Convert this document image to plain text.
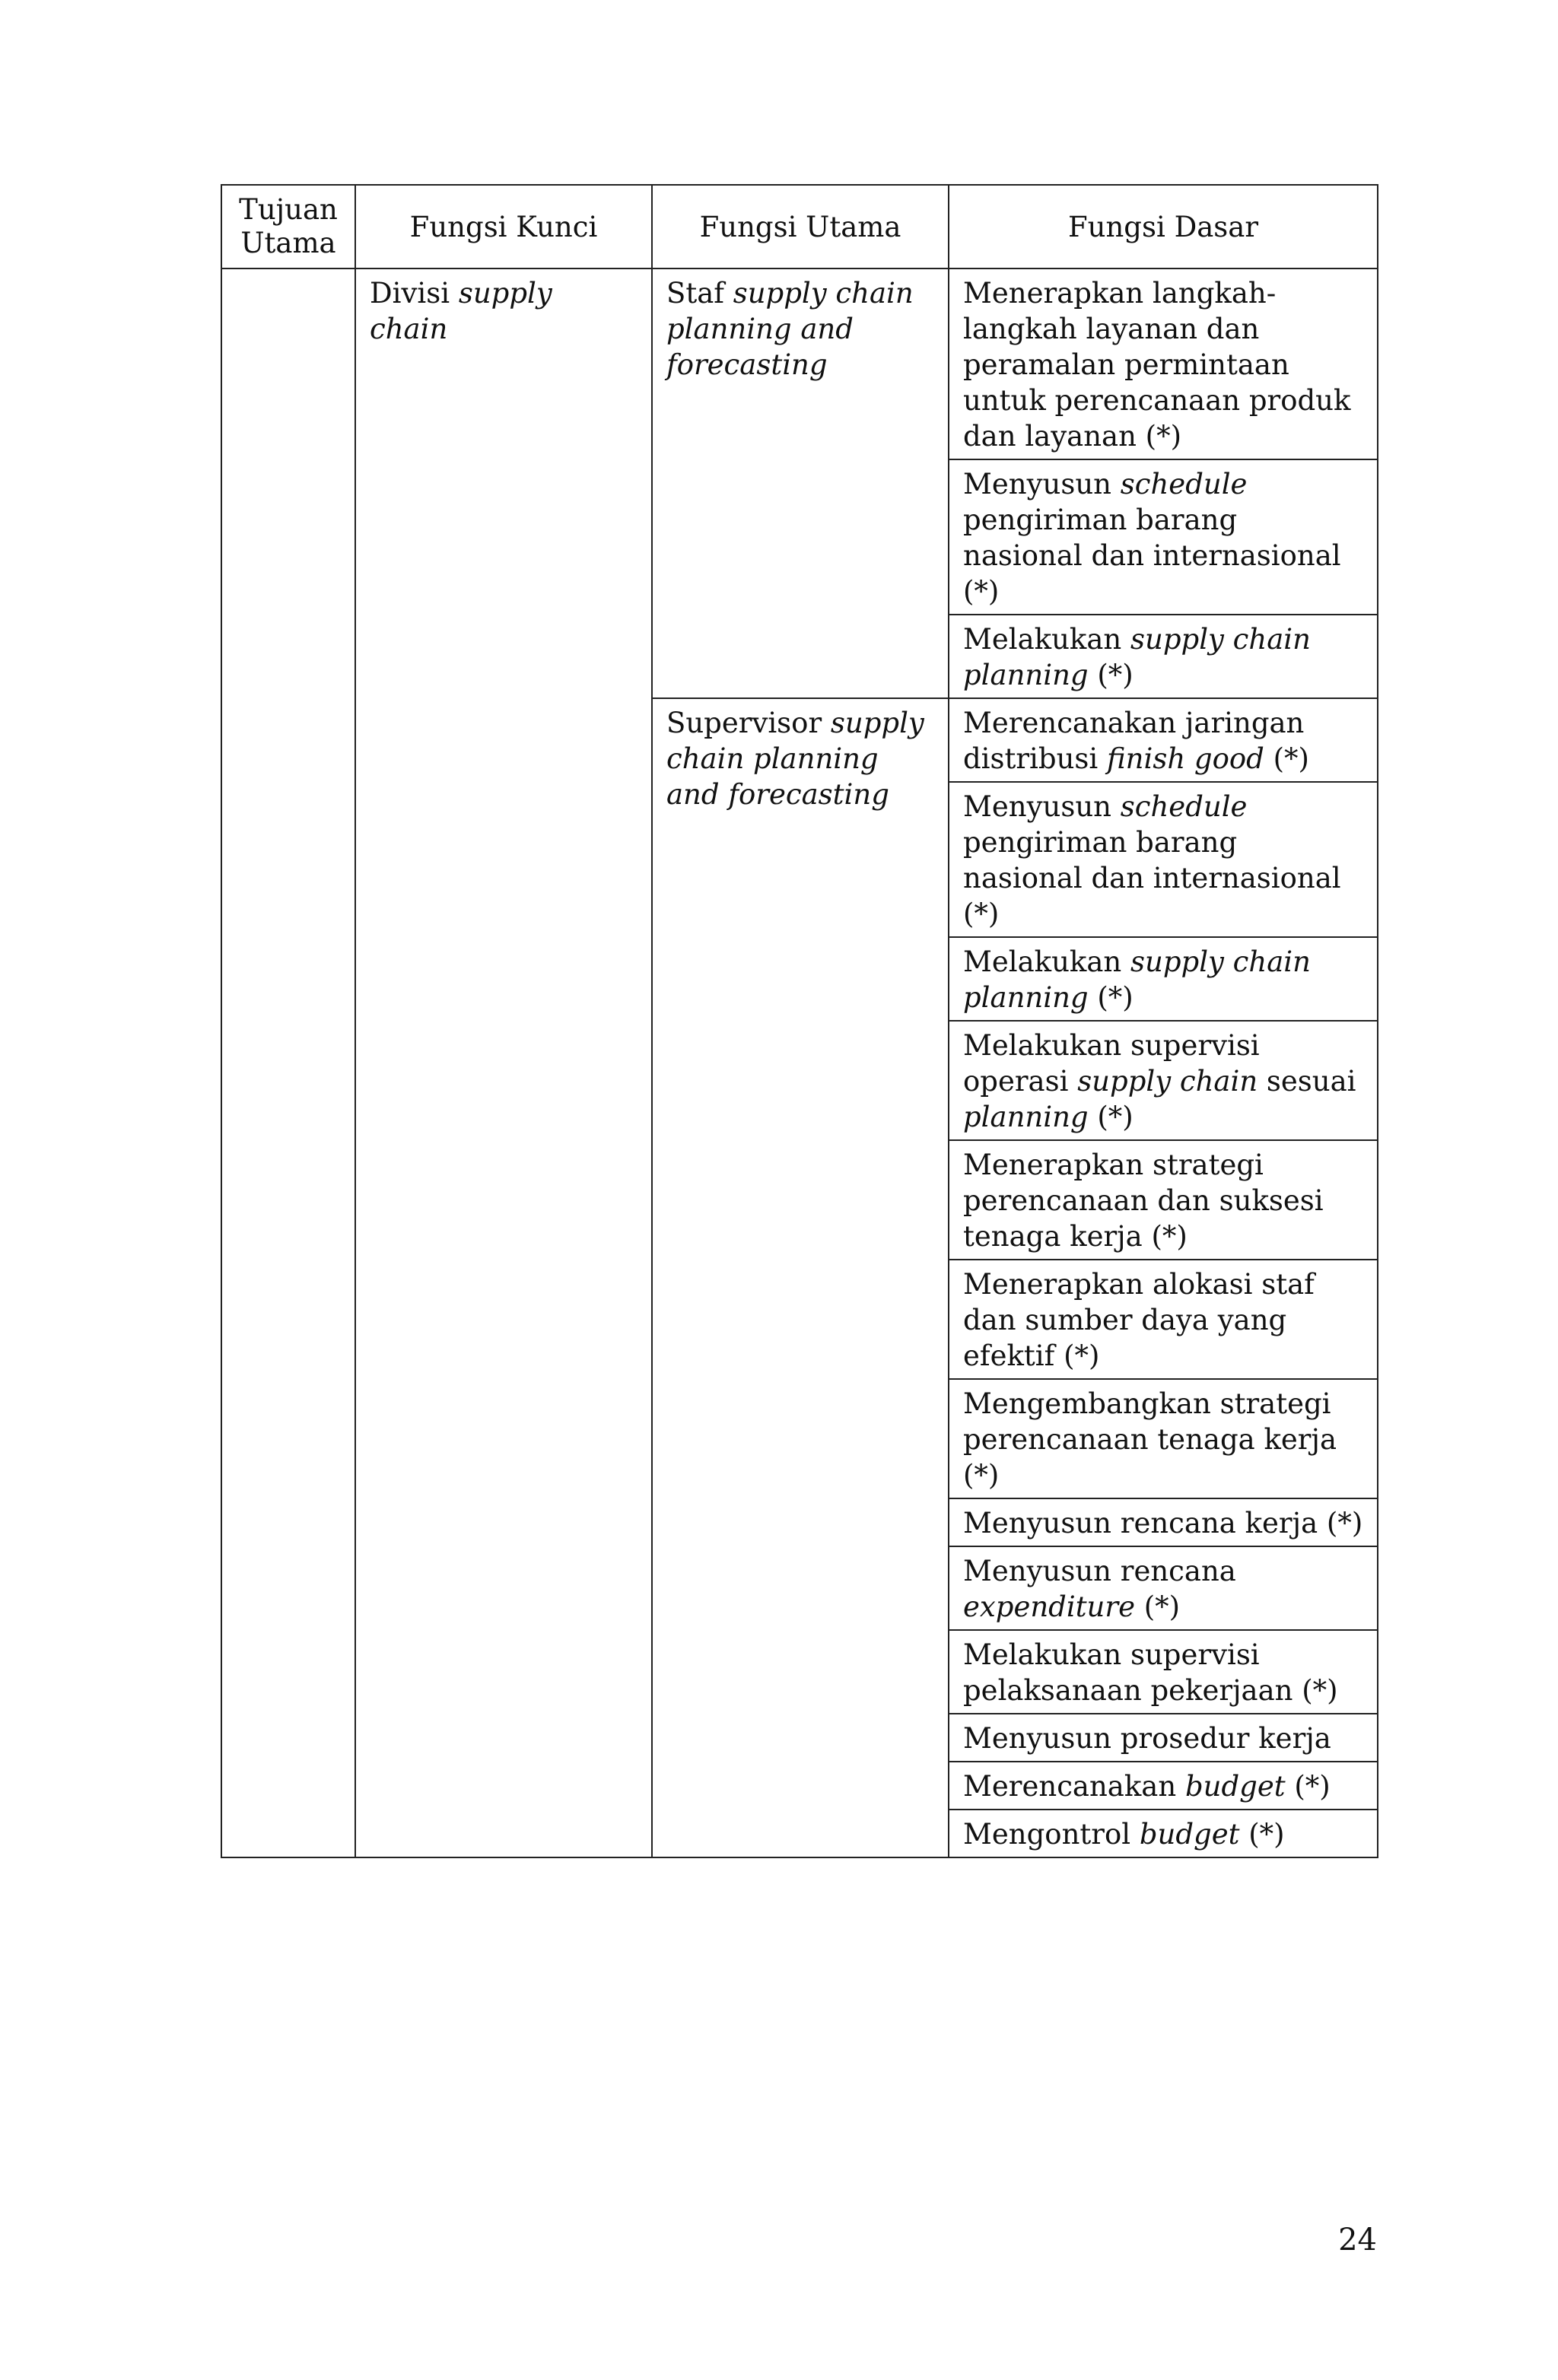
Tujuan Utama	Fungsi Kunci	Fungsi Utama	Fungsi Dasar
	Divisi supply chain	Staf supply chain planning and forecasting	Menerapkan langkah-langkah layanan dan peramalan permintaan untuk perencanaan produk dan layanan (*)
			Menyusun schedule pengiriman barang nasional dan internasional (*)
			Melakukan supply chain planning (*)
		Supervisor supply chain planning and forecasting	Merencanakan jaringan distribusi finish good (*)
			Menyusun schedule pengiriman barang nasional dan internasional (*)
			Melakukan supply chain planning (*)
			Melakukan supervisi operasi supply chain sesuai planning (*)
			Menerapkan strategi perencanaan dan suksesi tenaga kerja (*)
			Menerapkan alokasi staf dan sumber daya yang efektif (*)
			Mengembangkan strategi perencanaan tenaga kerja (*)
			Menyusun rencana kerja (*)
			Menyusun rencana expenditure (*)
			Melakukan supervisi pelaksanaan pekerjaan (*)
			Menyusun prosedur kerja
			Merencanakan budget (*)
			Mengontrol budget (*)
24
